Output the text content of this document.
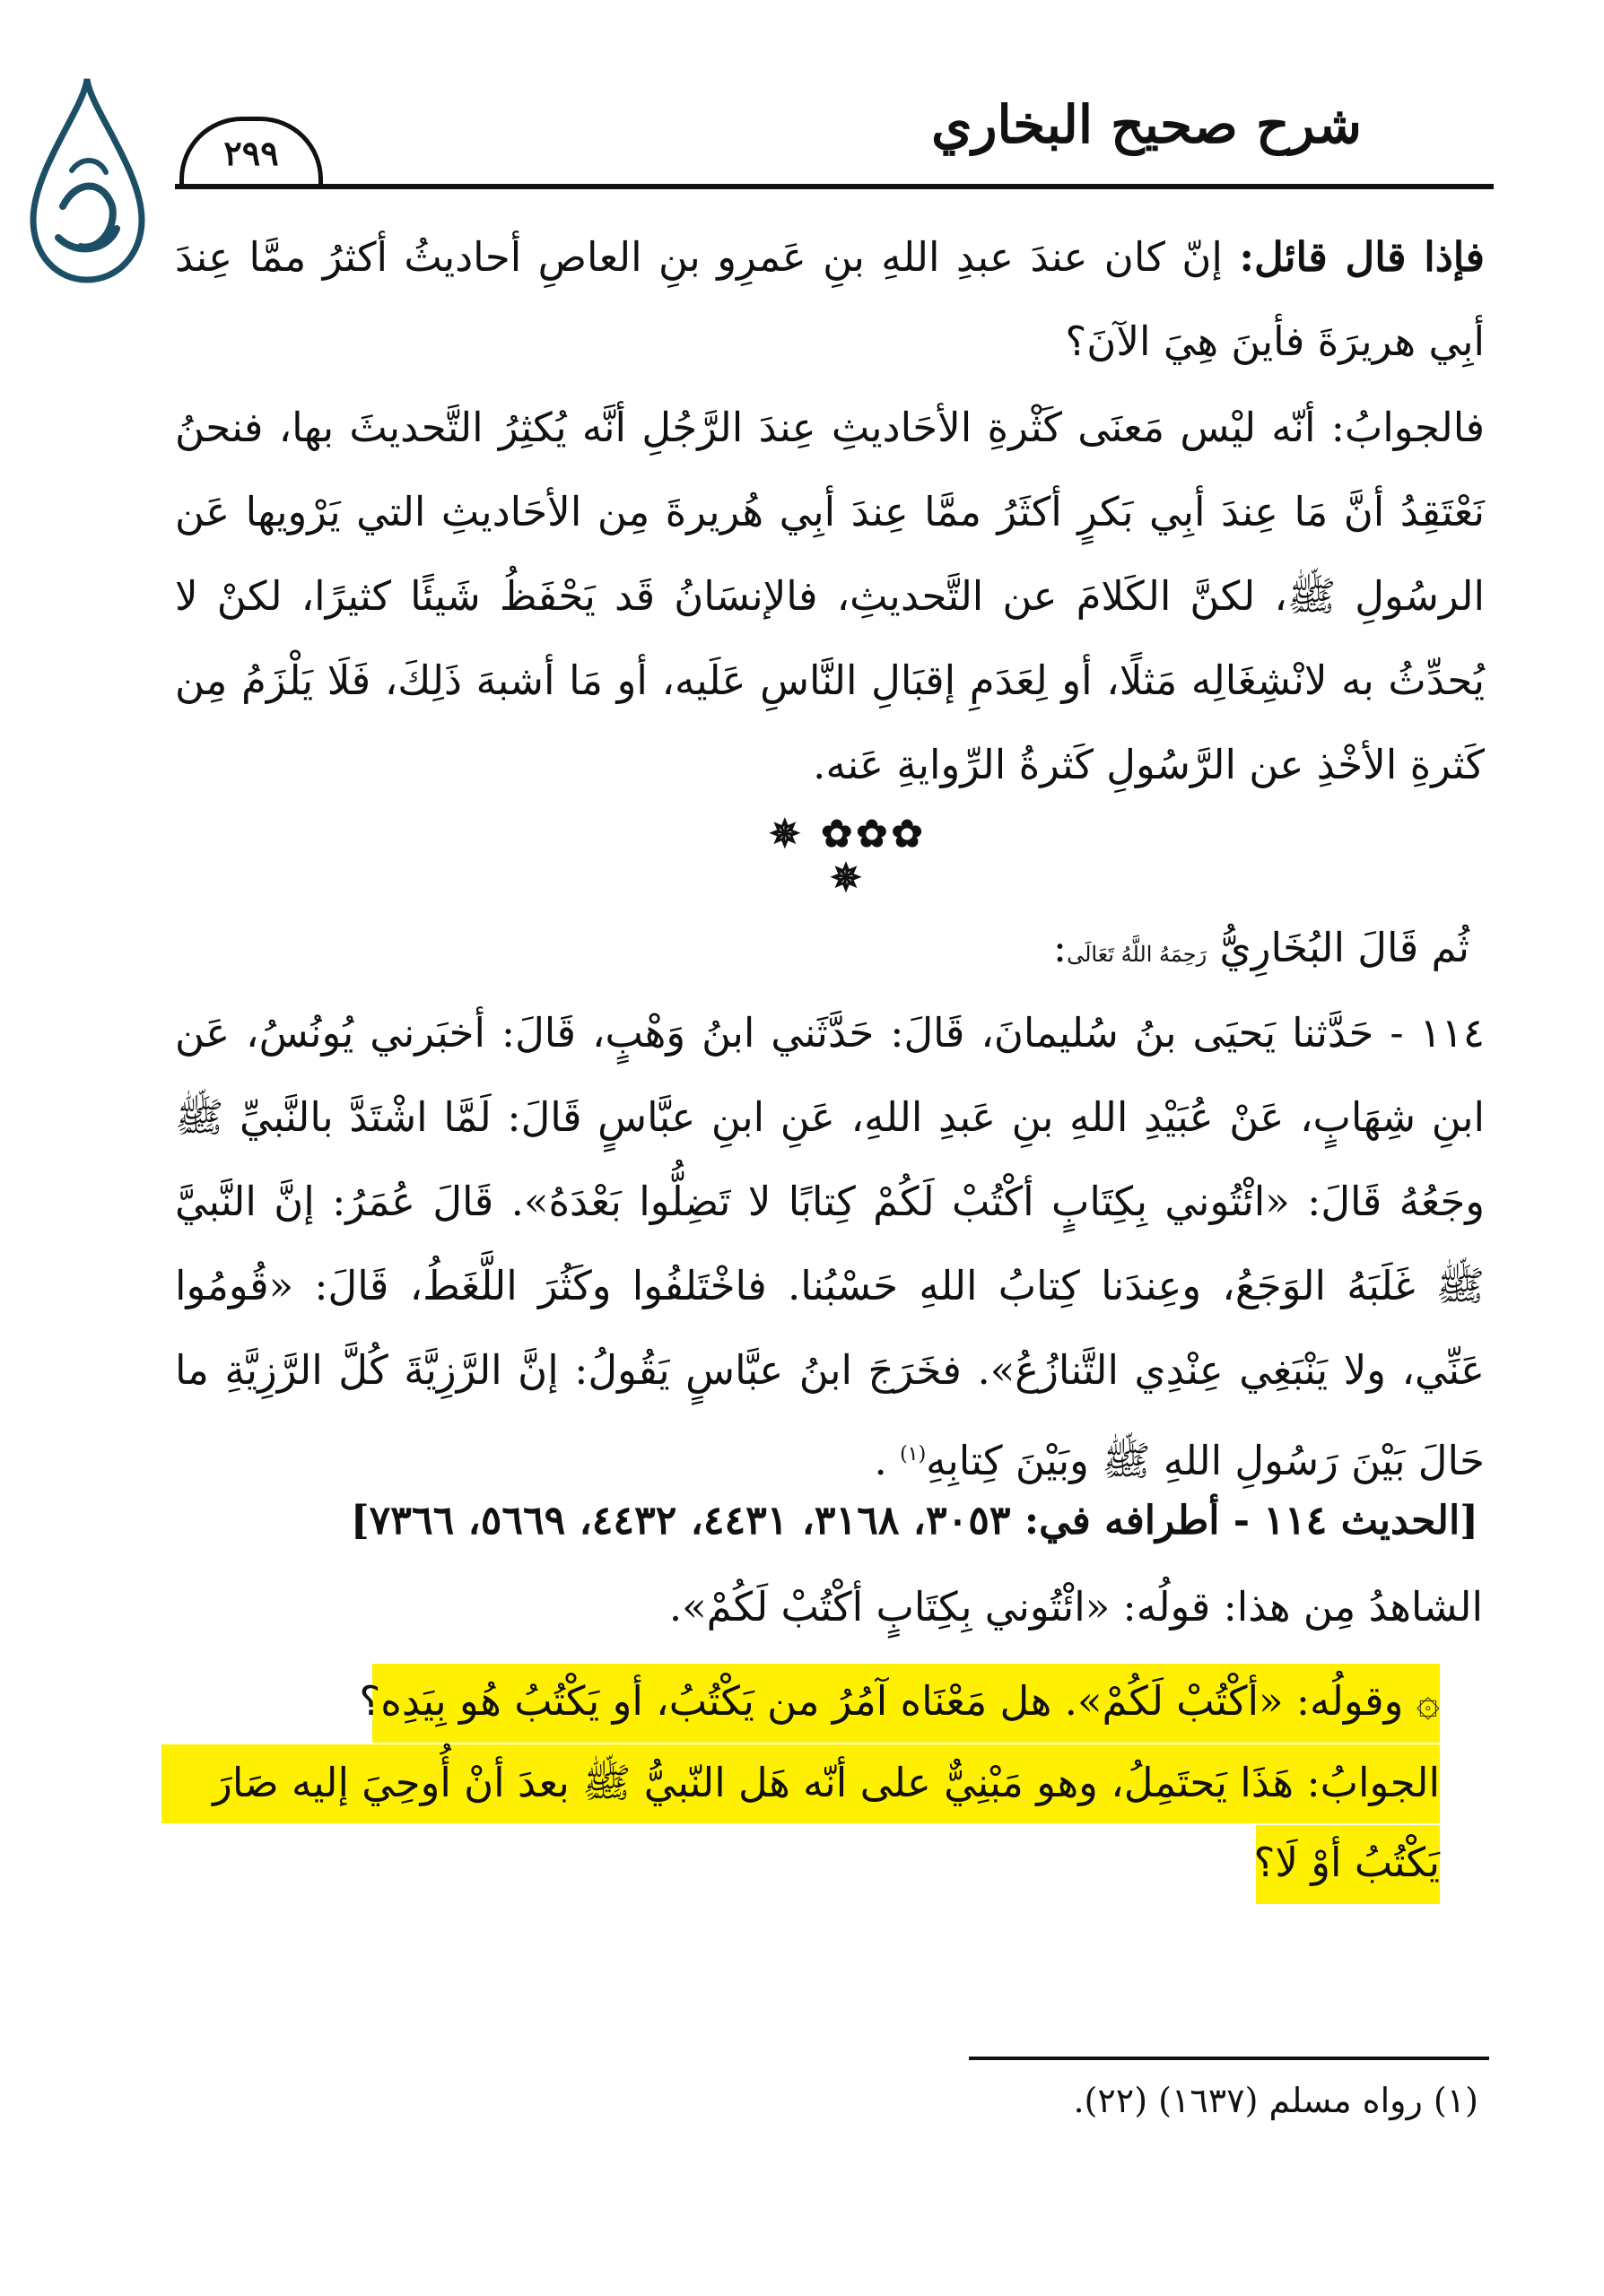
شرح صحيح البخاري
٢٩٩

فإذا قال قائل: إنّ كان عندَ عبدِ اللهِ بنِ عَمرِو بنِ العاصِ أحاديثُ أكثرُ ممَّا عِندَ أبِي هريرَةَ فأينَ هِيَ الآنَ؟

فالجوابُ: أنّه ليْس مَعنَى كَثْرةِ الأحَاديثِ عِندَ الرَّجُلِ أنَّه يُكثِرُ التَّحديثَ بها، فنحنُ نَعْتَقِدُ أنَّ مَا عِندَ أبِي بَكرٍ أكثَرُ ممَّا عِندَ أبِي هُريرةَ مِن الأحَاديثِ التي يَرْويها عَن الرسُولِ ﷺ، لكنَّ الكَلامَ عن التَّحديثِ، فالإنسَانُ قَد يَحْفَظُ شَيئًا كثيرًا، لكنْ لا يُحدِّثُ به لانْشِغَالِه مَثلًا، أو لِعَدَمِ إقبَالِ النَّاسِ عَلَيه، أو مَا أشبهَ ذَلِكَ، فَلَا يَلْزَمُ مِن كَثرةِ الأخْذِ عن الرَّسُولِ كَثرةُ الرِّوايةِ عَنه.

✵ ✿✿✿ ✵
ثُم قَالَ البُخَارِيُّ رَحِمَهُ اللَّهُ تَعَالَى:

١١٤ - حَدَّثنا يَحيَى بنُ سُليمانَ، قَالَ: حَدَّثَني ابنُ وَهْبٍ، قَالَ: أخبَرني يُونُسُ، عَن ابنِ شِهَابٍ، عَنْ عُبَيْدِ اللهِ بنِ عَبدِ اللهِ، عَنِ ابنِ عبَّاسٍ قَالَ: لَمَّا اشْتَدَّ بالنَّبيِّ ﷺ وجَعُهُ قَالَ: «ائْتُوني بِكِتَابٍ أكْتُبْ لَكُمْ كِتابًا لا تَضِلُّوا بَعْدَهُ». قَالَ عُمَرُ: إنَّ النَّبيَّ ﷺ غَلَبَهُ الوَجَعُ، وعِندَنا كِتابُ اللهِ حَسْبُنا. فاخْتَلفُوا وكَثُرَ اللَّغَطُ، قَالَ: «قُومُوا عَنِّي، ولا يَنْبَغِي عِنْدِي التَّنازُعُ». فخَرَجَ ابنُ عبَّاسٍ يَقُولُ: إنَّ الرَّزِيَّةَ كُلَّ الرَّزِيَّةِ ما حَالَ بَيْنَ رَسُولِ اللهِ ﷺ وبَيْنَ كِتابِهِ$^{(١)}$ .

[الحديث ١١٤ - أطرافه في: ٣٠٥٣، ٣١٦٨، ٤٤٣١، ٤٤٣٢، ٥٦٦٩، ٧٣٦٦]
الشاهدُ مِن هذا: قولُه: «ائْتُوني بِكِتَابٍ أكْتُبْ لَكُمْ».
۞ وقولُه: «أكْتُبْ لَكُمْ». هل مَعْنَاه آمُرُ من يَكْتُبُ، أو يَكْتُبُ هُو بِيَدِه؟
الجوابُ: هَذَا يَحتَمِلُ، وهو مَبْنِيٌّ على أنّه هَل النّبيُّ ﷺ بعدَ أنْ أُوحِيَ إليه صَارَ
يَكْتُبُ أوْ لَا؟
(١) رواه مسلم (١٦٣٧) (٢٢).
